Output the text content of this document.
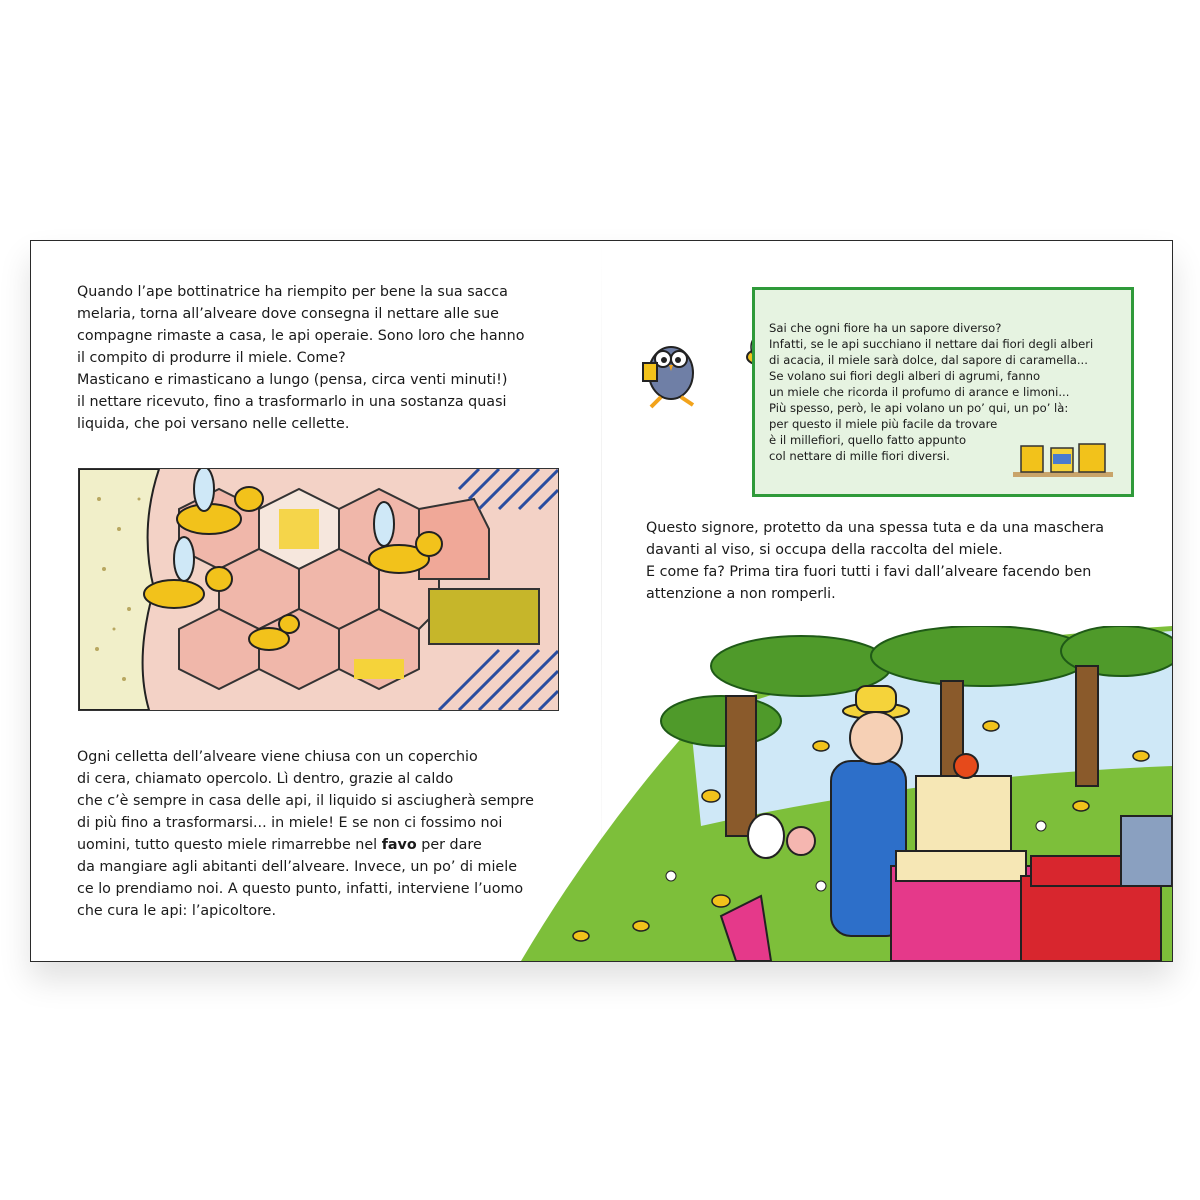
Quando l’ape bottinatrice ha riempito per bene la sua sacca
melaria, torna all’alveare dove consegna il nettare alle sue
compagne rimaste a casa, le api operaie. Sono loro che hanno
il compito di produrre il miele. Come?
Masticano e rimasticano a lungo (pensa, circa venti minuti!)
il nettare ricevuto, fino a trasformarlo in una sostanza quasi
liquida, che poi versano nelle cellette.

Ogni celletta dell’alveare viene chiusa con un coperchio
di cera, chiamato opercolo. Lì dentro, grazie al caldo
che c’è sempre in casa delle api, il liquido si asciugherà sempre
di più fino a trasformarsi... in miele! E se non ci fossimo noi
uomini, tutto questo miele rimarrebbe nel favo per dare
da mangiare agli abitanti dell’alveare. Invece, un po’ di miele
ce lo prendiamo noi. A questo punto, infatti, interviene l’uomo
che cura le api: l’apicoltore.

Sai che ogni fiore ha un sapore diverso?
Infatti, se le api succhiano il nettare dai fiori degli alberi
di acacia, il miele sarà dolce, dal sapore di caramella...
Se volano sui fiori degli alberi di agrumi, fanno
un miele che ricorda il profumo di arance e limoni...
Più spesso, però, le api volano un po’ qui, un po’ là:
per questo il miele più facile da trovare
è il millefiori, quello fatto appunto
col nettare di mille fiori diversi.

Questo signore, protetto da una spessa tuta e da una maschera
davanti al viso, si occupa della raccolta del miele.
E come fa? Prima tira fuori tutti i favi dall’alveare facendo ben
attenzione a non romperli.
